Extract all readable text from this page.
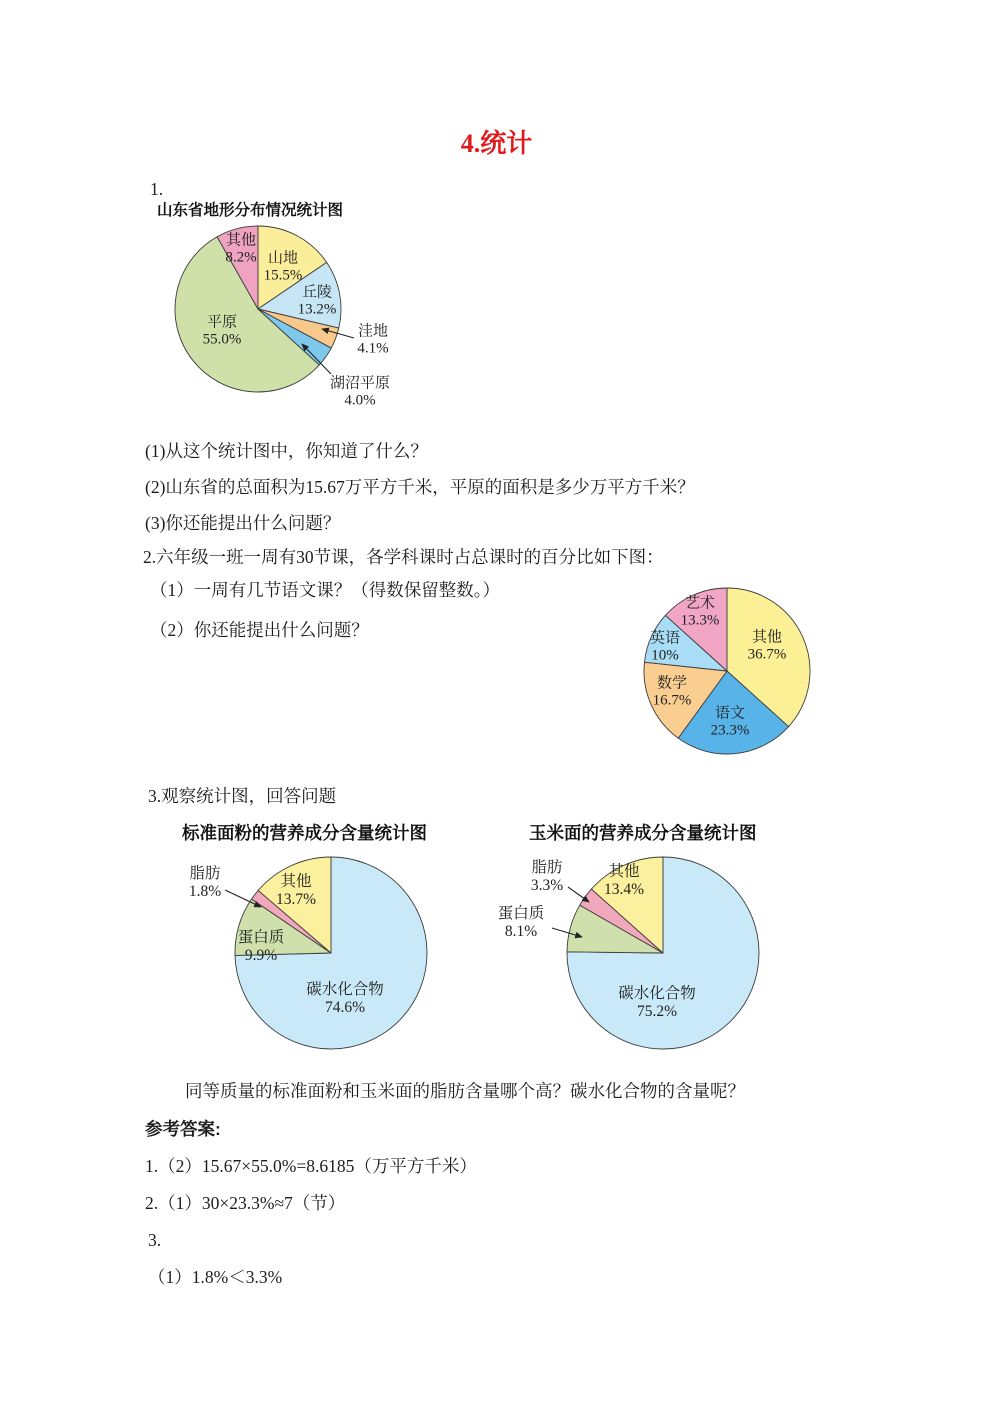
4.统计
1.
山东省地形分布情况统计图
山地
15.5%
丘陵
13.2%
洼地
4.1%
湖沼平原
4.0%
平原
55.0%
其他
8.2%
(1)从这个统计图中，你知道了什么？
(2)山东省的总面积为15.67万平方千米，平原的面积是多少万平方千米？
(3)你还能提出什么问题？
2.六年级一班一周有30节课，各学科课时占总课时的百分比如下图：
（1）一周有几节语文课？（得数保留整数。）
（2）你还能提出什么问题？	其他
36.7%
语文
23.3%
数学
16.7%
英语
10%
艺术
13.3%
3.观察统计图，回答问题
标准面粉的营养成分含量统计图	玉米面的营养成分含量统计图
碳水化合物
74.6%
蛋白质
9.9%
脂肪
1.8%
其他
13.7%
碳水化合物
75.2%
蛋白质
8.1%
脂肪
3.3%
其他
13.4%
同等质量的标准面粉和玉米面的脂肪含量哪个高？碳水化合物的含量呢？
参考答案:
1.（2）15.67×55.0%=8.6185（万平方千米）
2.（1）30×23.3%≈7（节）
3.
（1）1.8%＜3.3%
